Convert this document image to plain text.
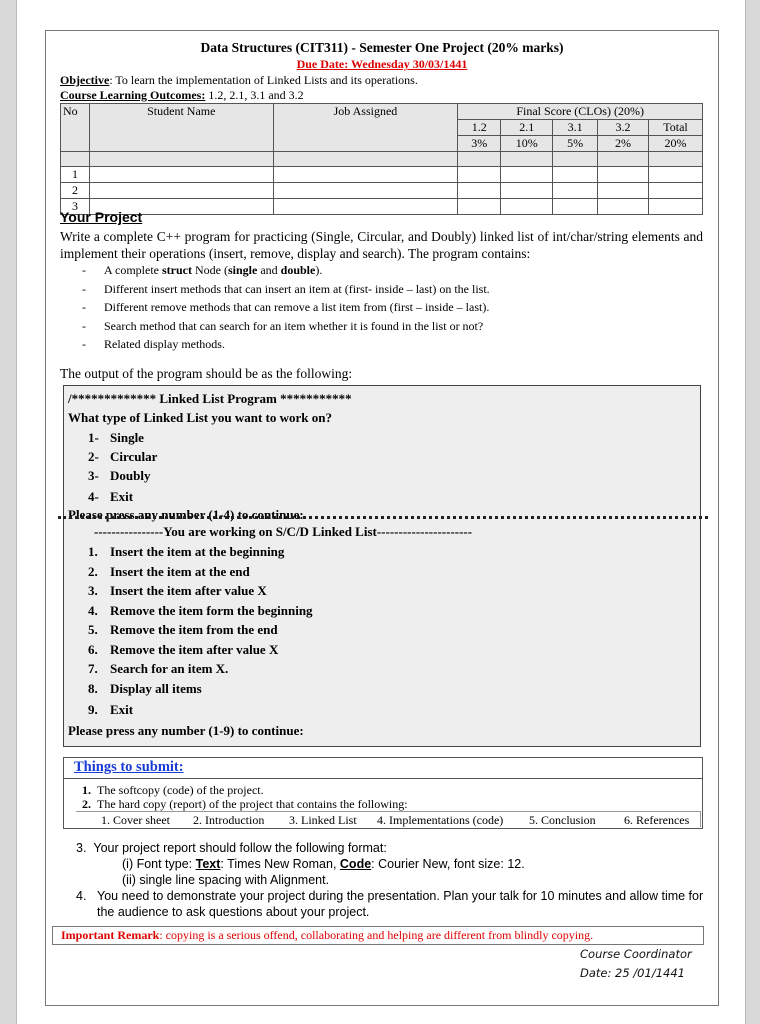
Data Structures (CIT311) - Semester One Project (20% marks)
Due Date: Wednesday 30/03/1441
Objective: To learn the implementation of Linked Lists and its operations.
Course Learning Outcomes: 1.2, 2.1, 3.1 and 3.2
No	Student Name	Job Assigned	Final Score (CLOs) (20%)				
			1.2	2.1	3.1	3.2	Total
			3%	10%	5%	2%	20%

1							
2							
3							
Your Project
Write a complete C++ program for practicing (Single, Circular, and Doubly) linked list of int/char/string elements and implement their operations (insert, remove, display and search). The program contains:
- A complete struct Node (single and double).
- Different insert methods that can insert an item at (first- inside – last) on the list.
- Different remove methods that can remove a list item from (first – inside – last).
- Search method that can search for an item whether it is found in the list or not?
- Related display methods.
The output of the program should be as the following:
/************* Linked List Program ***********
What type of Linked List you want to work on?
1- Single
2- Circular
3- Doubly
4- Exit
Please press any number (1-4) to continue:
----------------You are working on S/C/D Linked List----------------------
1. Insert the item at the beginning
2. Insert the item at the end
3. Insert the item after value X
4. Remove the item form the beginning
5. Remove the item from the end
6. Remove the item after value X
7. Search for an item X.
8. Display all items
9. Exit
Please press any number (1-9) to continue:
Things to submit:
1. The softcopy (code) of the project.
2. The hard copy (report) of the project that contains the following:
1. Cover sheet 2. Introduction 3. Linked List 4. Implementations (code) 5. Conclusion 6. References
3.  Your project report should follow the following format:
(i) Font type: Text: Times New Roman, Code: Courier New, font size: 12.
(ii) single line spacing with Alignment.
4. You need to demonstrate your project during the presentation. Plan your talk for 10 minutes and allow time for the audience to ask questions about your project.
Important Remark: copying is a serious offend, collaborating and helping are different from blindly copying.
Course Coordinator
Date: 25 /01/1441
